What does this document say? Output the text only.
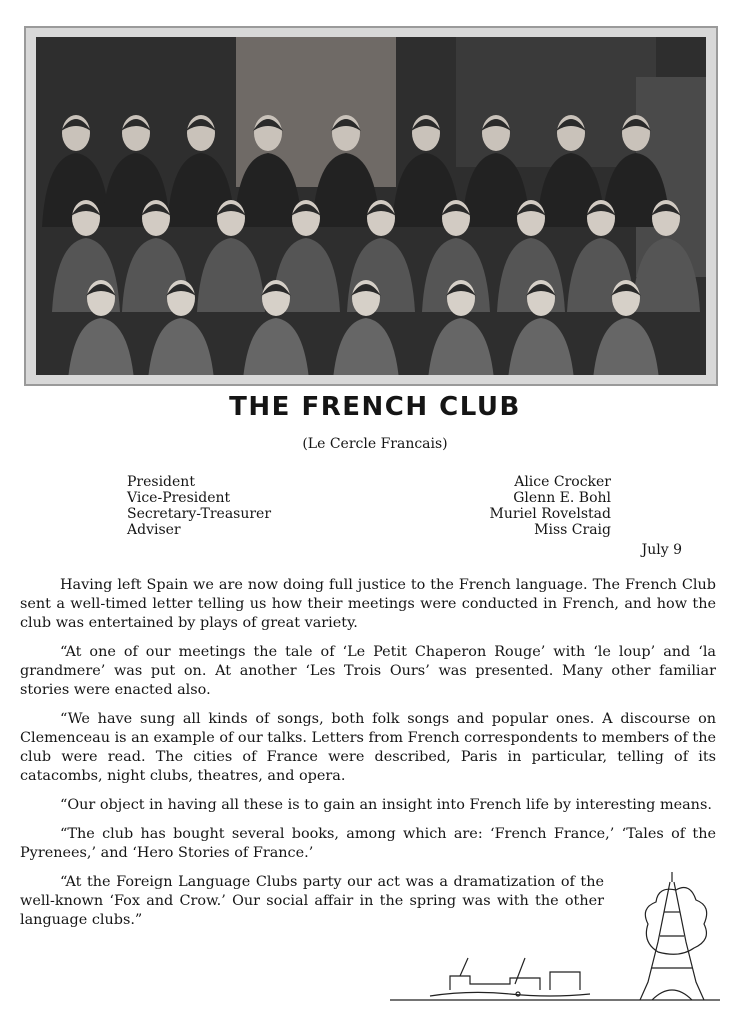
THE FRENCH CLUB
(Le Cercle Francais)
President	Alice Crocker
Vice-President	Glenn E. Bohl
Secretary-Treasurer	Muriel Rovelstad
Adviser	Miss Craig
July 9

Having left Spain we are now doing full justice to the French language. The French Club sent a well-timed letter telling us how their meetings were conducted in French, and how the club was entertained by plays of great variety.

“At one of our meetings the tale of ‘Le Petit Chaperon Rouge’ with ‘le loup’ and ‘la grandmere’ was put on. At another ‘Les Trois Ours’ was presented. Many other familiar stories were enacted also.

“We have sung all kinds of songs, both folk songs and popular ones. A discourse on Clemenceau is an example of our talks. Letters from French correspondents to members of the club were read. The cities of France were described, Paris in particular, telling of its catacombs, night clubs, theatres, and opera.

“Our object in having all these is to gain an insight into French life by interesting means.

“The club has bought several books, among which are: ‘French France,’ ‘Tales of the Pyrenees,’ and ‘Hero Stories of France.’

“At the Foreign Language Clubs party our act was a dramatization of the well-known ‘Fox and Crow.’ Our social affair in the spring was with the other language clubs.”
